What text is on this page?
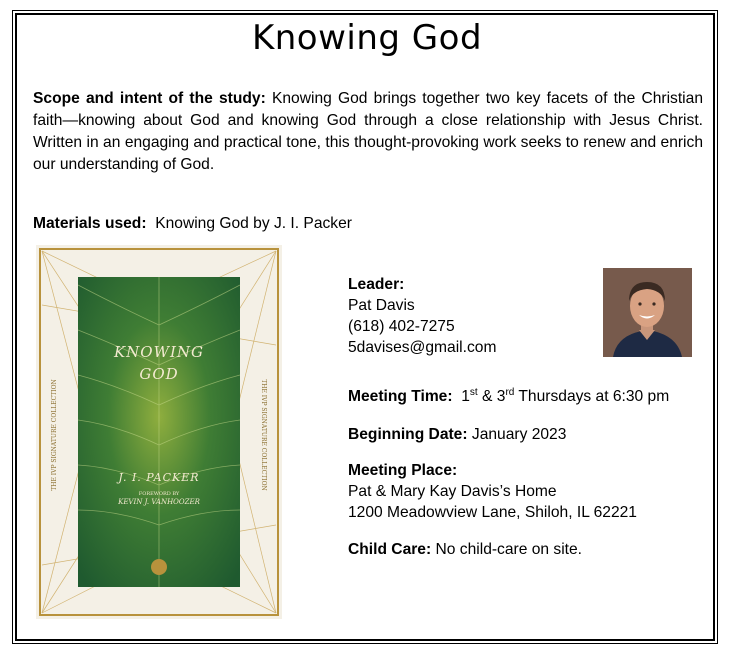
Knowing God
Scope and intent of the study: Knowing God brings together two key facets of the Christian faith—knowing about God and knowing God through a close relationship with Jesus Christ. Written in an engaging and practical tone, this thought-provoking work seeks to renew and enrich our understanding of God.
Materials used: Knowing God by J. I. Packer
KNOWING
GOD
J. I. PACKER
FOREWORD BY
KEVIN J. VANHOOZER
THE IVP SIGNATURE COLLECTION	THE IVP SIGNATURE COLLECTION
Leader:
Pat Davis
(618) 402-7275
5davises@gmail.com
Meeting Time: 1st & 3rd Thursdays at 6:30 pm
Beginning Date: January 2023
Meeting Place:
Pat & Mary Kay Davis’s Home
1200 Meadowview Lane, Shiloh, IL 62221
Child Care: No child-care on site.
